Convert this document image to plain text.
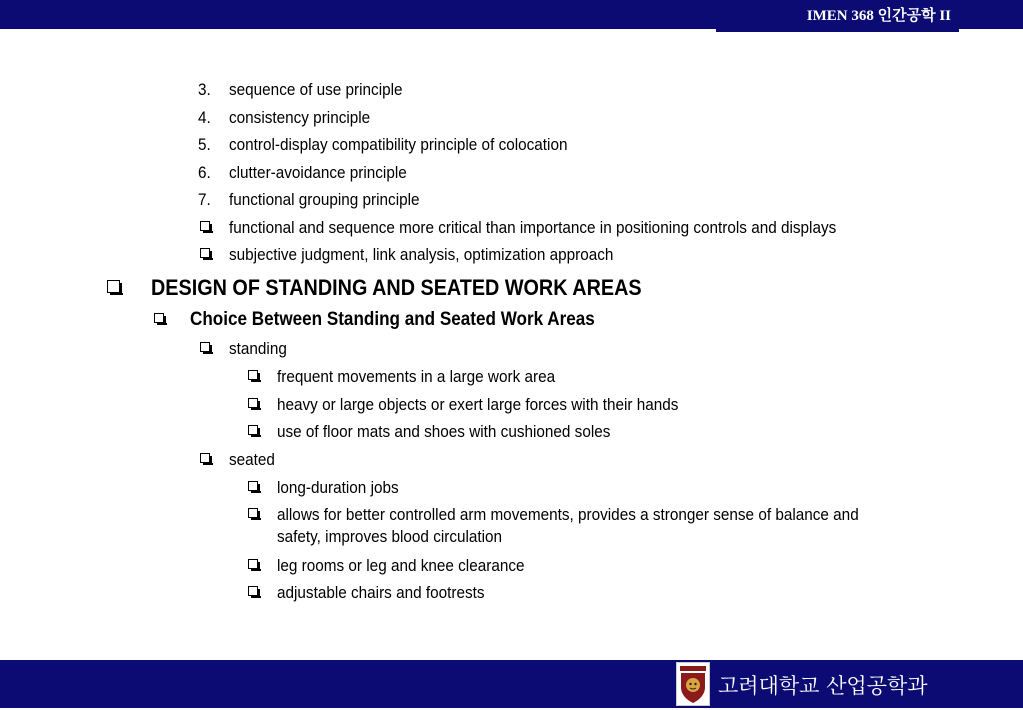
IMEN 368 인간공학 II
3. sequence of use principle
4. consistency principle
5. control-display compatibility principle of colocation
6. clutter-avoidance principle
7. functional grouping principle
functional and sequence more critical than importance in positioning controls and displays
subjective judgment, link analysis, optimization approach
DESIGN OF STANDING AND SEATED WORK AREAS
Choice Between Standing and Seated Work Areas
standing
frequent movements in a large work area
heavy or large objects or exert large forces with their hands
use of floor mats and shoes with cushioned soles
seated
long-duration jobs
allows for better controlled arm movements, provides a stronger sense of balance and
safety, improves blood circulation
leg rooms or leg and knee clearance
adjustable chairs and footrests
고려대학교 산업공학과
